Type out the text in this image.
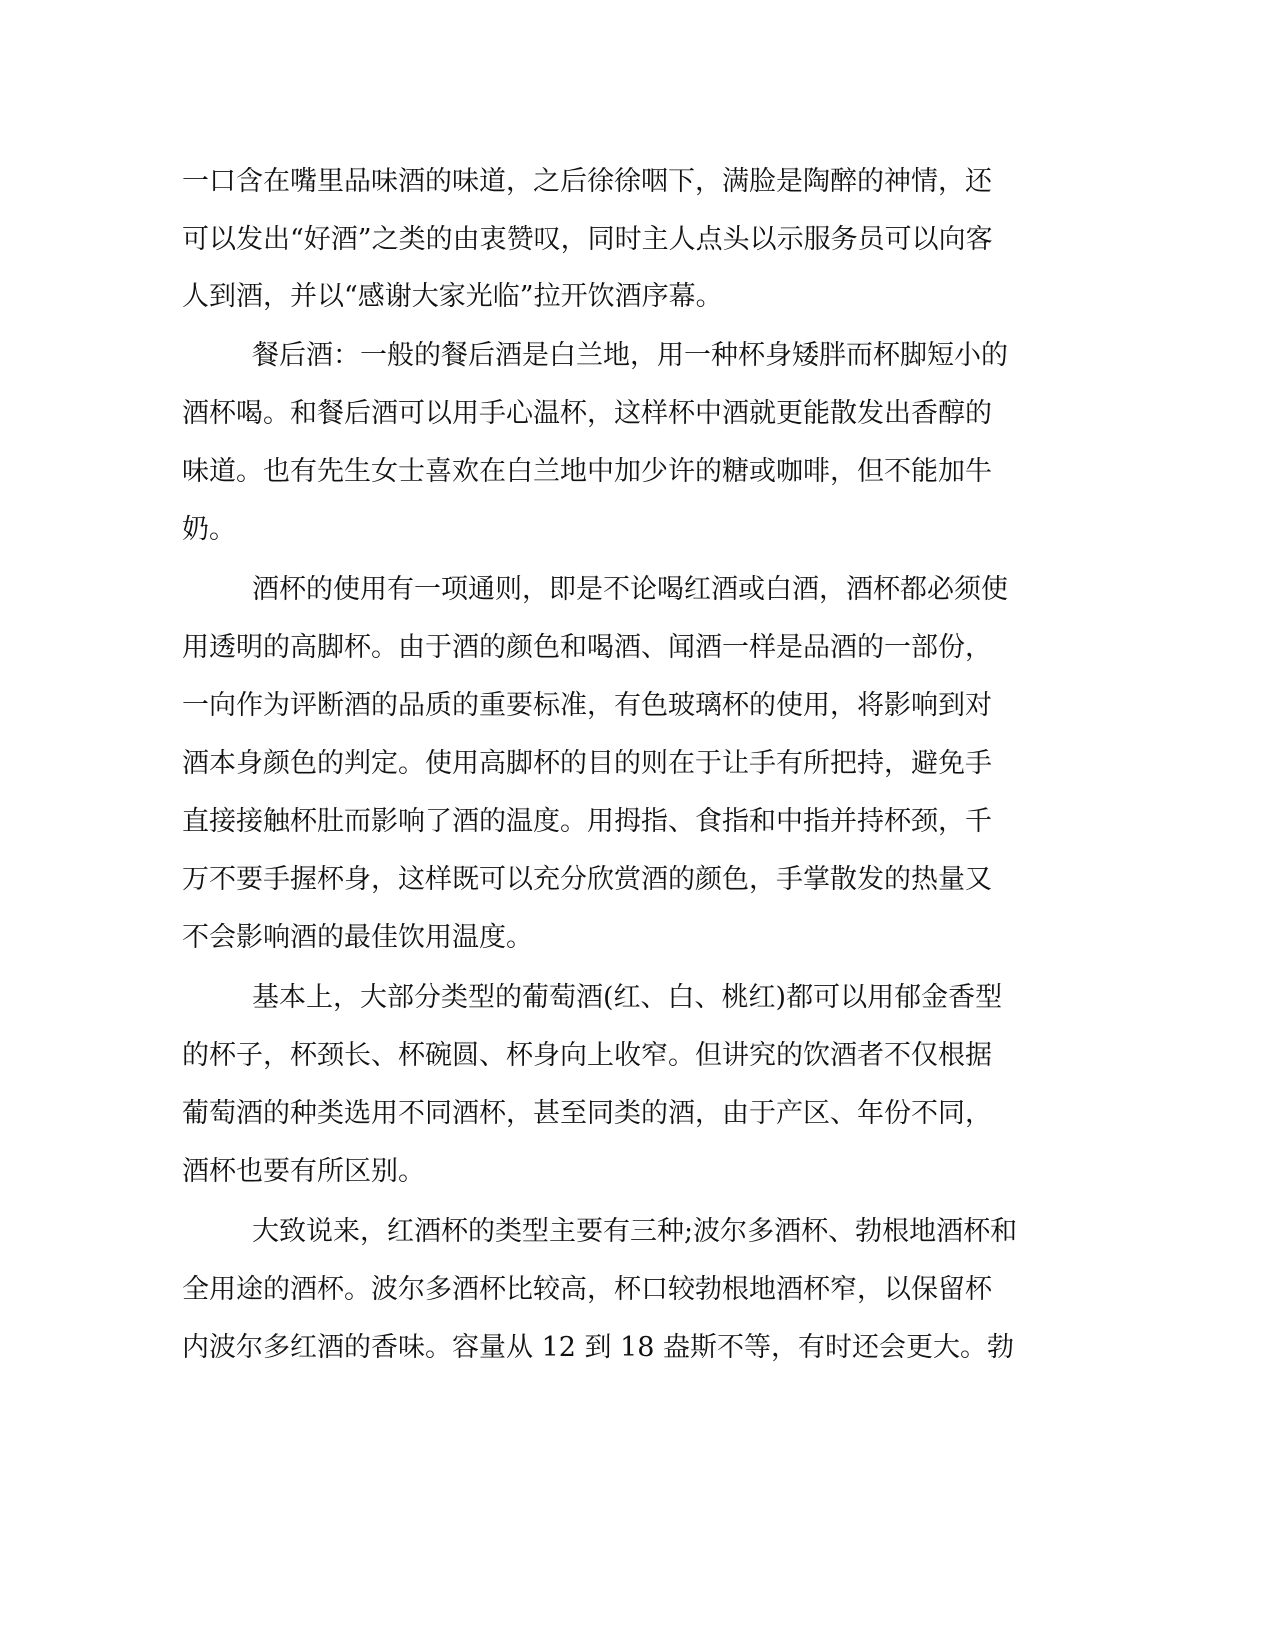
一口含在嘴里品味酒的味道，之后徐徐咽下，满脸是陶醉的神情，还
可以发出“好酒”之类的由衷赞叹，同时主人点头以示服务员可以向客
人到酒，并以“感谢大家光临”拉开饮酒序幕。
餐后酒：一般的餐后酒是白兰地，用一种杯身矮胖而杯脚短小的
酒杯喝。和餐后酒可以用手心温杯，这样杯中酒就更能散发出香醇的
味道。也有先生女士喜欢在白兰地中加少许的糖或咖啡，但不能加牛
奶。
酒杯的使用有一项通则，即是不论喝红酒或白酒，酒杯都必须使
用透明的高脚杯。由于酒的颜色和喝酒、闻酒一样是品酒的一部份，
一向作为评断酒的品质的重要标准，有色玻璃杯的使用，将影响到对
酒本身颜色的判定。使用高脚杯的目的则在于让手有所把持，避免手
直接接触杯肚而影响了酒的温度。用拇指、食指和中指并持杯颈，千
万不要手握杯身，这样既可以充分欣赏酒的颜色，手掌散发的热量又
不会影响酒的最佳饮用温度。
基本上，大部分类型的葡萄酒(红、白、桃红)都可以用郁金香型
的杯子，杯颈长、杯碗圆、杯身向上收窄。但讲究的饮酒者不仅根据
葡萄酒的种类选用不同酒杯，甚至同类的酒，由于产区、年份不同，
酒杯也要有所区别。
大致说来，红酒杯的类型主要有三种;波尔多酒杯、勃根地酒杯和
全用途的酒杯。波尔多酒杯比较高，杯口较勃根地酒杯窄，以保留杯
内波尔多红酒的香味。容量从 12 到 18 盎斯不等，有时还会更大。勃
